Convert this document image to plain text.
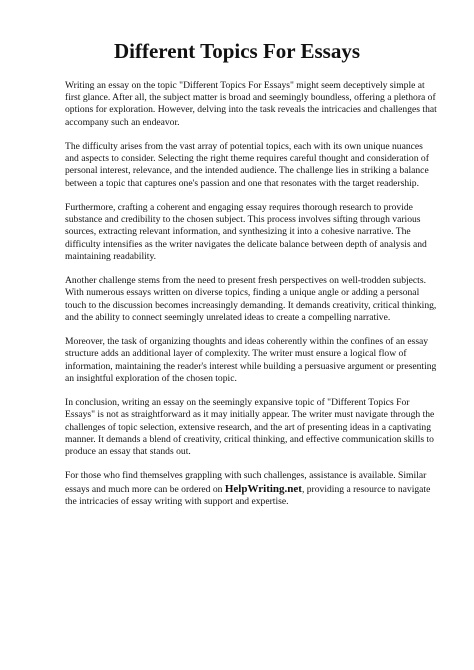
Different Topics For Essays

Writing an essay on the topic "Different Topics For Essays" might seem deceptively simple at first glance. After all, the subject matter is broad and seemingly boundless, offering a plethora of options for exploration. However, delving into the task reveals the intricacies and challenges that accompany such an endeavor.

The difficulty arises from the vast array of potential topics, each with its own unique nuances and aspects to consider. Selecting the right theme requires careful thought and consideration of personal interest, relevance, and the intended audience. The challenge lies in striking a balance between a topic that captures one's passion and one that resonates with the target readership.

Furthermore, crafting a coherent and engaging essay requires thorough research to provide substance and credibility to the chosen subject. This process involves sifting through various sources, extracting relevant information, and synthesizing it into a cohesive narrative. The difficulty intensifies as the writer navigates the delicate balance between depth of analysis and maintaining readability.

Another challenge stems from the need to present fresh perspectives on well-trodden subjects. With numerous essays written on diverse topics, finding a unique angle or adding a personal touch to the discussion becomes increasingly demanding. It demands creativity, critical thinking, and the ability to connect seemingly unrelated ideas to create a compelling narrative.

Moreover, the task of organizing thoughts and ideas coherently within the confines of an essay structure adds an additional layer of complexity. The writer must ensure a logical flow of information, maintaining the reader's interest while building a persuasive argument or presenting an insightful exploration of the chosen topic.

In conclusion, writing an essay on the seemingly expansive topic of "Different Topics For Essays" is not as straightforward as it may initially appear. The writer must navigate through the challenges of topic selection, extensive research, and the art of presenting ideas in a captivating manner. It demands a blend of creativity, critical thinking, and effective communication skills to produce an essay that stands out.

For those who find themselves grappling with such challenges, assistance is available. Similar essays and much more can be ordered on HelpWriting.net, providing a resource to navigate the intricacies of essay writing with support and expertise.
